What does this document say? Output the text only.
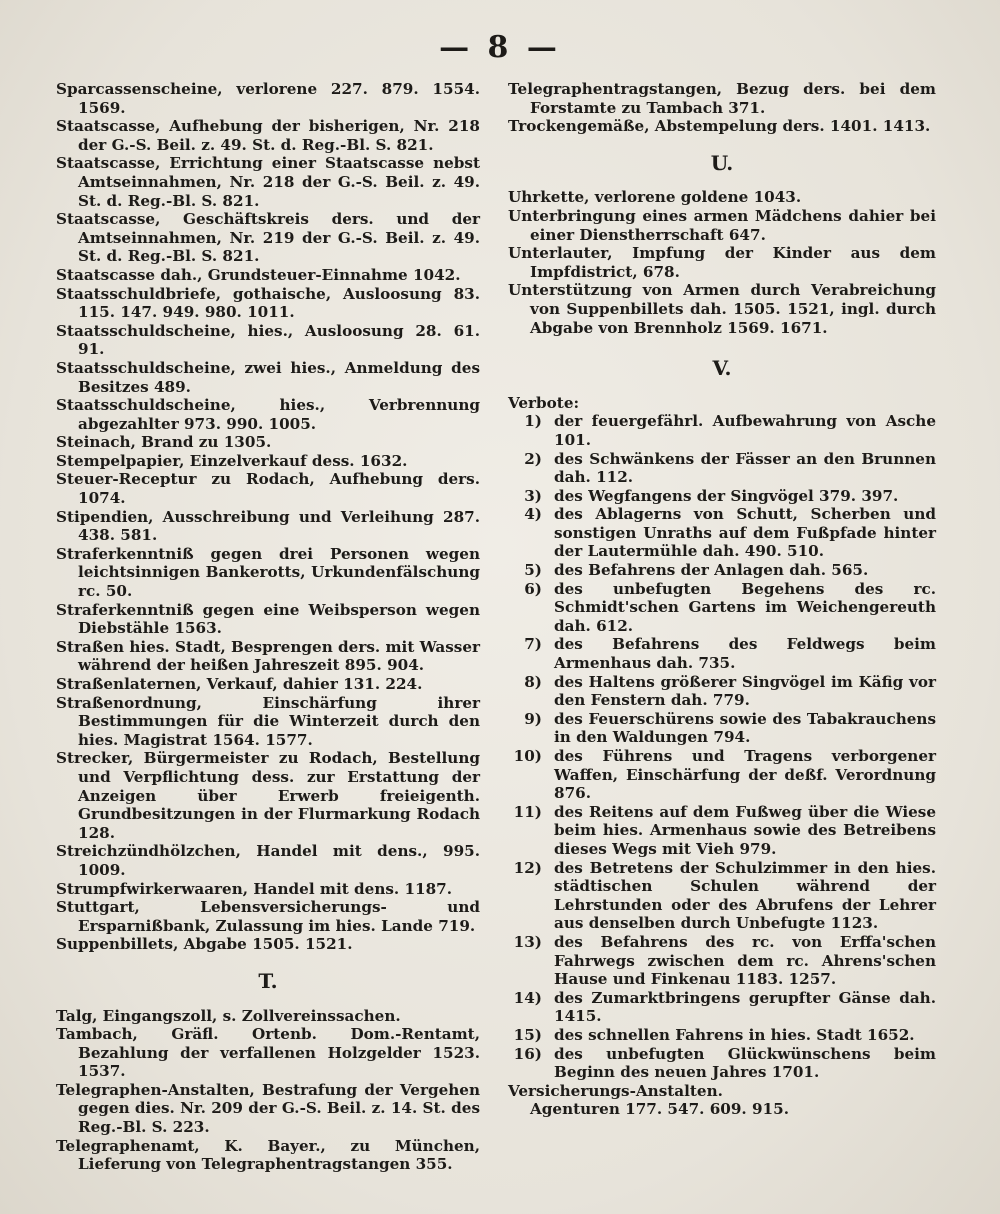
— 8 —

Sparcassenscheine, verlorene 227. 879. 1554. 1569.

Staatscasse, Aufhebung der bisherigen, Nr. 218 der G.-S. Beil. z. 49. St. d. Reg.-Bl. S. 821.

Staatscasse, Errichtung einer Staatscasse nebst Amtseinnahmen, Nr. 218 der G.-S. Beil. z. 49. St. d. Reg.-Bl. S. 821.

Staatscasse, Geschäftskreis ders. und der Amtseinnahmen, Nr. 219 der G.-S. Beil. z. 49. St. d. Reg.-Bl. S. 821.

Staatscasse dah., Grundsteuer-Einnahme 1042.

Staatsschuldbriefe, gothaische, Ausloosung 83. 115. 147. 949. 980. 1011.

Staatsschuldscheine, hies., Ausloosung 28. 61. 91.

Staatsschuldscheine, zwei hies., Anmeldung des Besitzes 489.

Staatsschuldscheine, hies., Verbrennung abgezahlter 973. 990. 1005.

Steinach, Brand zu 1305.

Stempelpapier, Einzelverkauf dess. 1632.

Steuer-Receptur zu Rodach, Aufhebung ders. 1074.

Stipendien, Ausschreibung und Verleihung 287. 438. 581.

Straferkenntniß gegen drei Personen wegen leichtsinnigen Bankerotts, Urkundenfälschung rc. 50.

Straferkenntniß gegen eine Weibsperson wegen Diebstähle 1563.

Straßen hies. Stadt, Besprengen ders. mit Wasser während der heißen Jahreszeit 895. 904.

Straßenlaternen, Verkauf, dahier 131. 224.

Straßenordnung, Einschärfung ihrer Bestimmungen für die Winterzeit durch den hies. Magistrat 1564. 1577.

Strecker, Bürgermeister zu Rodach, Bestellung und Verpflichtung dess. zur Erstattung der Anzeigen über Erwerb freieigenth. Grundbesitzungen in der Flurmarkung Rodach 128.

Streichzündhölzchen, Handel mit dens., 995. 1009.

Strumpfwirkerwaaren, Handel mit dens. 1187.

Stuttgart, Lebensversicherungs- und Ersparnißbank, Zulassung im hies. Lande 719.

Suppenbillets, Abgabe 1505. 1521.

T.

Talg, Eingangszoll, s. Zollvereinssachen.

Tambach, Gräfl. Ortenb. Dom.-Rentamt, Bezahlung der verfallenen Holzgelder 1523. 1537.

Telegraphen-Anstalten, Bestrafung der Vergehen gegen dies. Nr. 209 der G.-S. Beil. z. 14. St. des Reg.-Bl. S. 223.

Telegraphenamt, K. Bayer., zu München, Lieferung von Telegraphentragstangen 355.

Telegraphentragstangen, Bezug ders. bei dem Forstamte zu Tambach 371.

Trockengemäße, Abstempelung ders. 1401. 1413.

U.

Uhrkette, verlorene goldene 1043.

Unterbringung eines armen Mädchens dahier bei einer Dienstherrschaft 647.

Unterlauter, Impfung der Kinder aus dem Impfdistrict, 678.

Unterstützung von Armen durch Verabreichung von Suppenbillets dah. 1505. 1521, ingl. durch Abgabe von Brennholz 1569. 1671.

V.

Verbote:

1) der feuergefährl. Aufbewahrung von Asche 101.

2) des Schwänkens der Fässer an den Brunnen dah. 112.

3) des Wegfangens der Singvögel 379. 397.

4) des Ablagerns von Schutt, Scherben und sonstigen Unraths auf dem Fußpfade hinter der Lautermühle dah. 490. 510.

5) des Befahrens der Anlagen dah. 565.

6) des unbefugten Begehens des rc. Schmidt'schen Gartens im Weichengereuth dah. 612.

7) des Befahrens des Feldwegs beim Armenhaus dah. 735.

8) des Haltens größerer Singvögel im Käfig vor den Fenstern dah. 779.

9) des Feuerschürens sowie des Tabakrauchens in den Waldungen 794.

10) des Führens und Tragens verborgener Waffen, Einschärfung der deßf. Verordnung 876.

11) des Reitens auf dem Fußweg über die Wiese beim hies. Armenhaus sowie des Betreibens dieses Wegs mit Vieh 979.

12) des Betretens der Schulzimmer in den hies. städtischen Schulen während der Lehrstunden oder des Abrufens der Lehrer aus denselben durch Unbefugte 1123.

13) des Befahrens des rc. von Erffa'schen Fahrwegs zwischen dem rc. Ahrens'schen Hause und Finkenau 1183. 1257.

14) des Zumarktbringens gerupfter Gänse dah. 1415.

15) des schnellen Fahrens in hies. Stadt 1652.

16) des unbefugten Glückwünschens beim Beginn des neuen Jahres 1701.

Versicherungs-Anstalten.

Agenturen 177. 547. 609. 915.
